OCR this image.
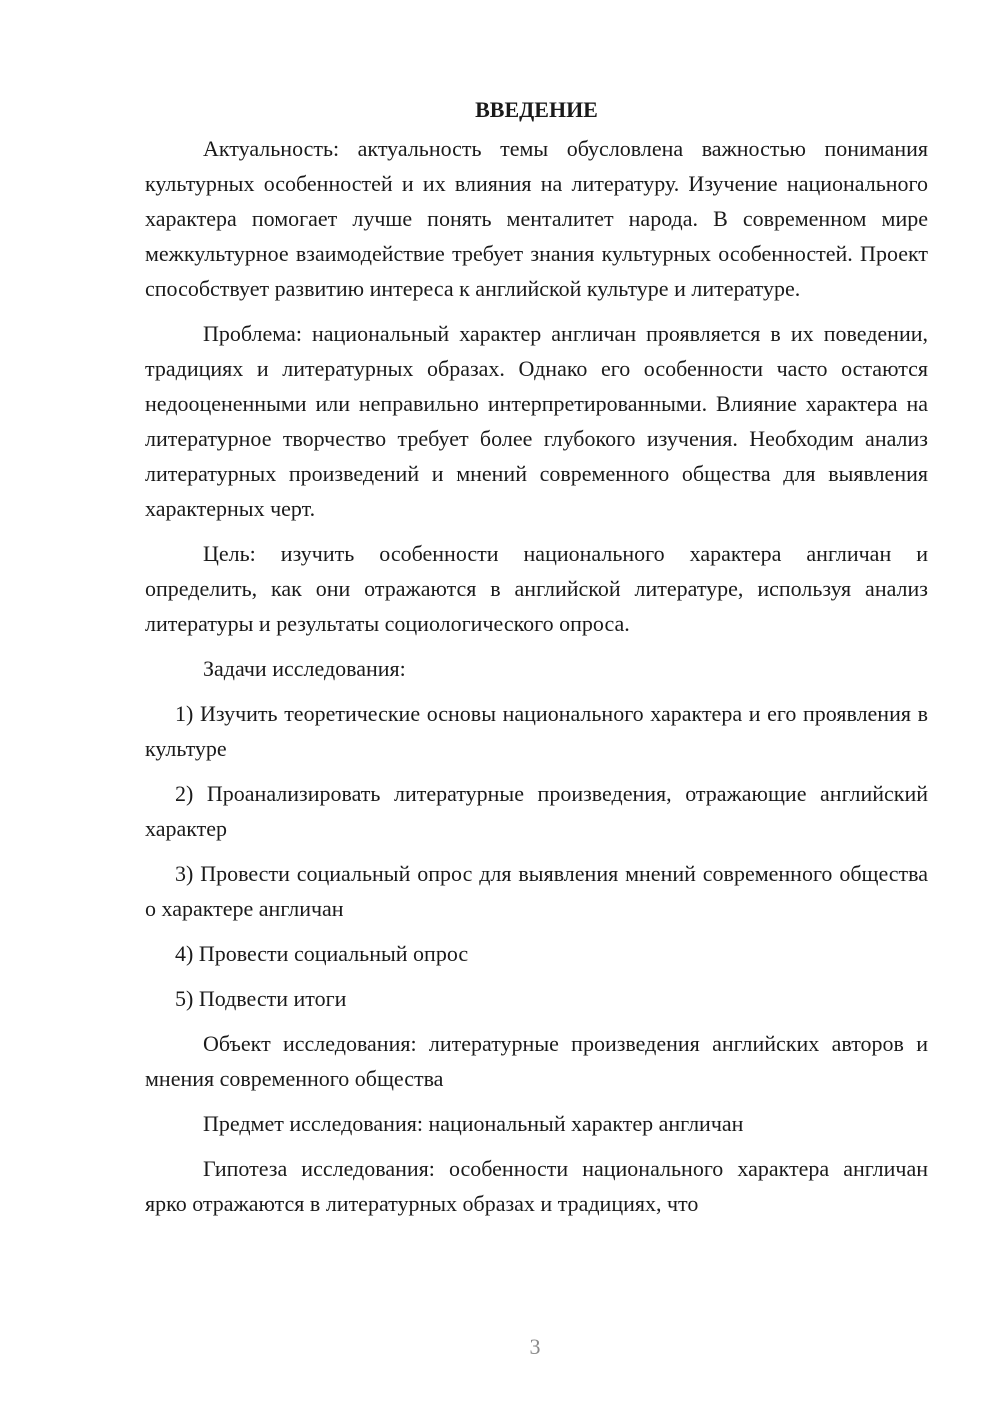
ВВЕДЕНИЕ

Актуальность: актуальность темы обусловлена важностью понимания культурных особенностей и их влияния на литературу. Изучение национального характера помогает лучше понять менталитет народа. В современном мире межкультурное взаимодействие требует знания культурных особенностей. Проект способствует развитию интереса к английской культуре и литературе.

Проблема: национальный характер англичан проявляется в их поведении, традициях и литературных образах. Однако его особенности часто остаются недооцененными или неправильно интерпретированными. Влияние характера на литературное творчество требует более глубокого изучения. Необходим анализ литературных произведений и мнений современного общества для выявления характерных черт.

Цель: изучить особенности национального характера англичан и определить, как они отражаются в английской литературе, используя анализ литературы и результаты социологического опроса.

Задачи исследования:

1) Изучить теоретические основы национального характера и его проявления в культуре

2) Проанализировать литературные произведения, отражающие английский характер

3) Провести социальный опрос для выявления мнений современного общества о характере англичан

4) Провести социальный опрос

5) Подвести итоги

Объект исследования: литературные произведения английских авторов и мнения современного общества

Предмет исследования: национальный характер англичан

Гипотеза исследования: особенности национального характера англичан ярко отражаются в литературных образах и традициях, что

3
